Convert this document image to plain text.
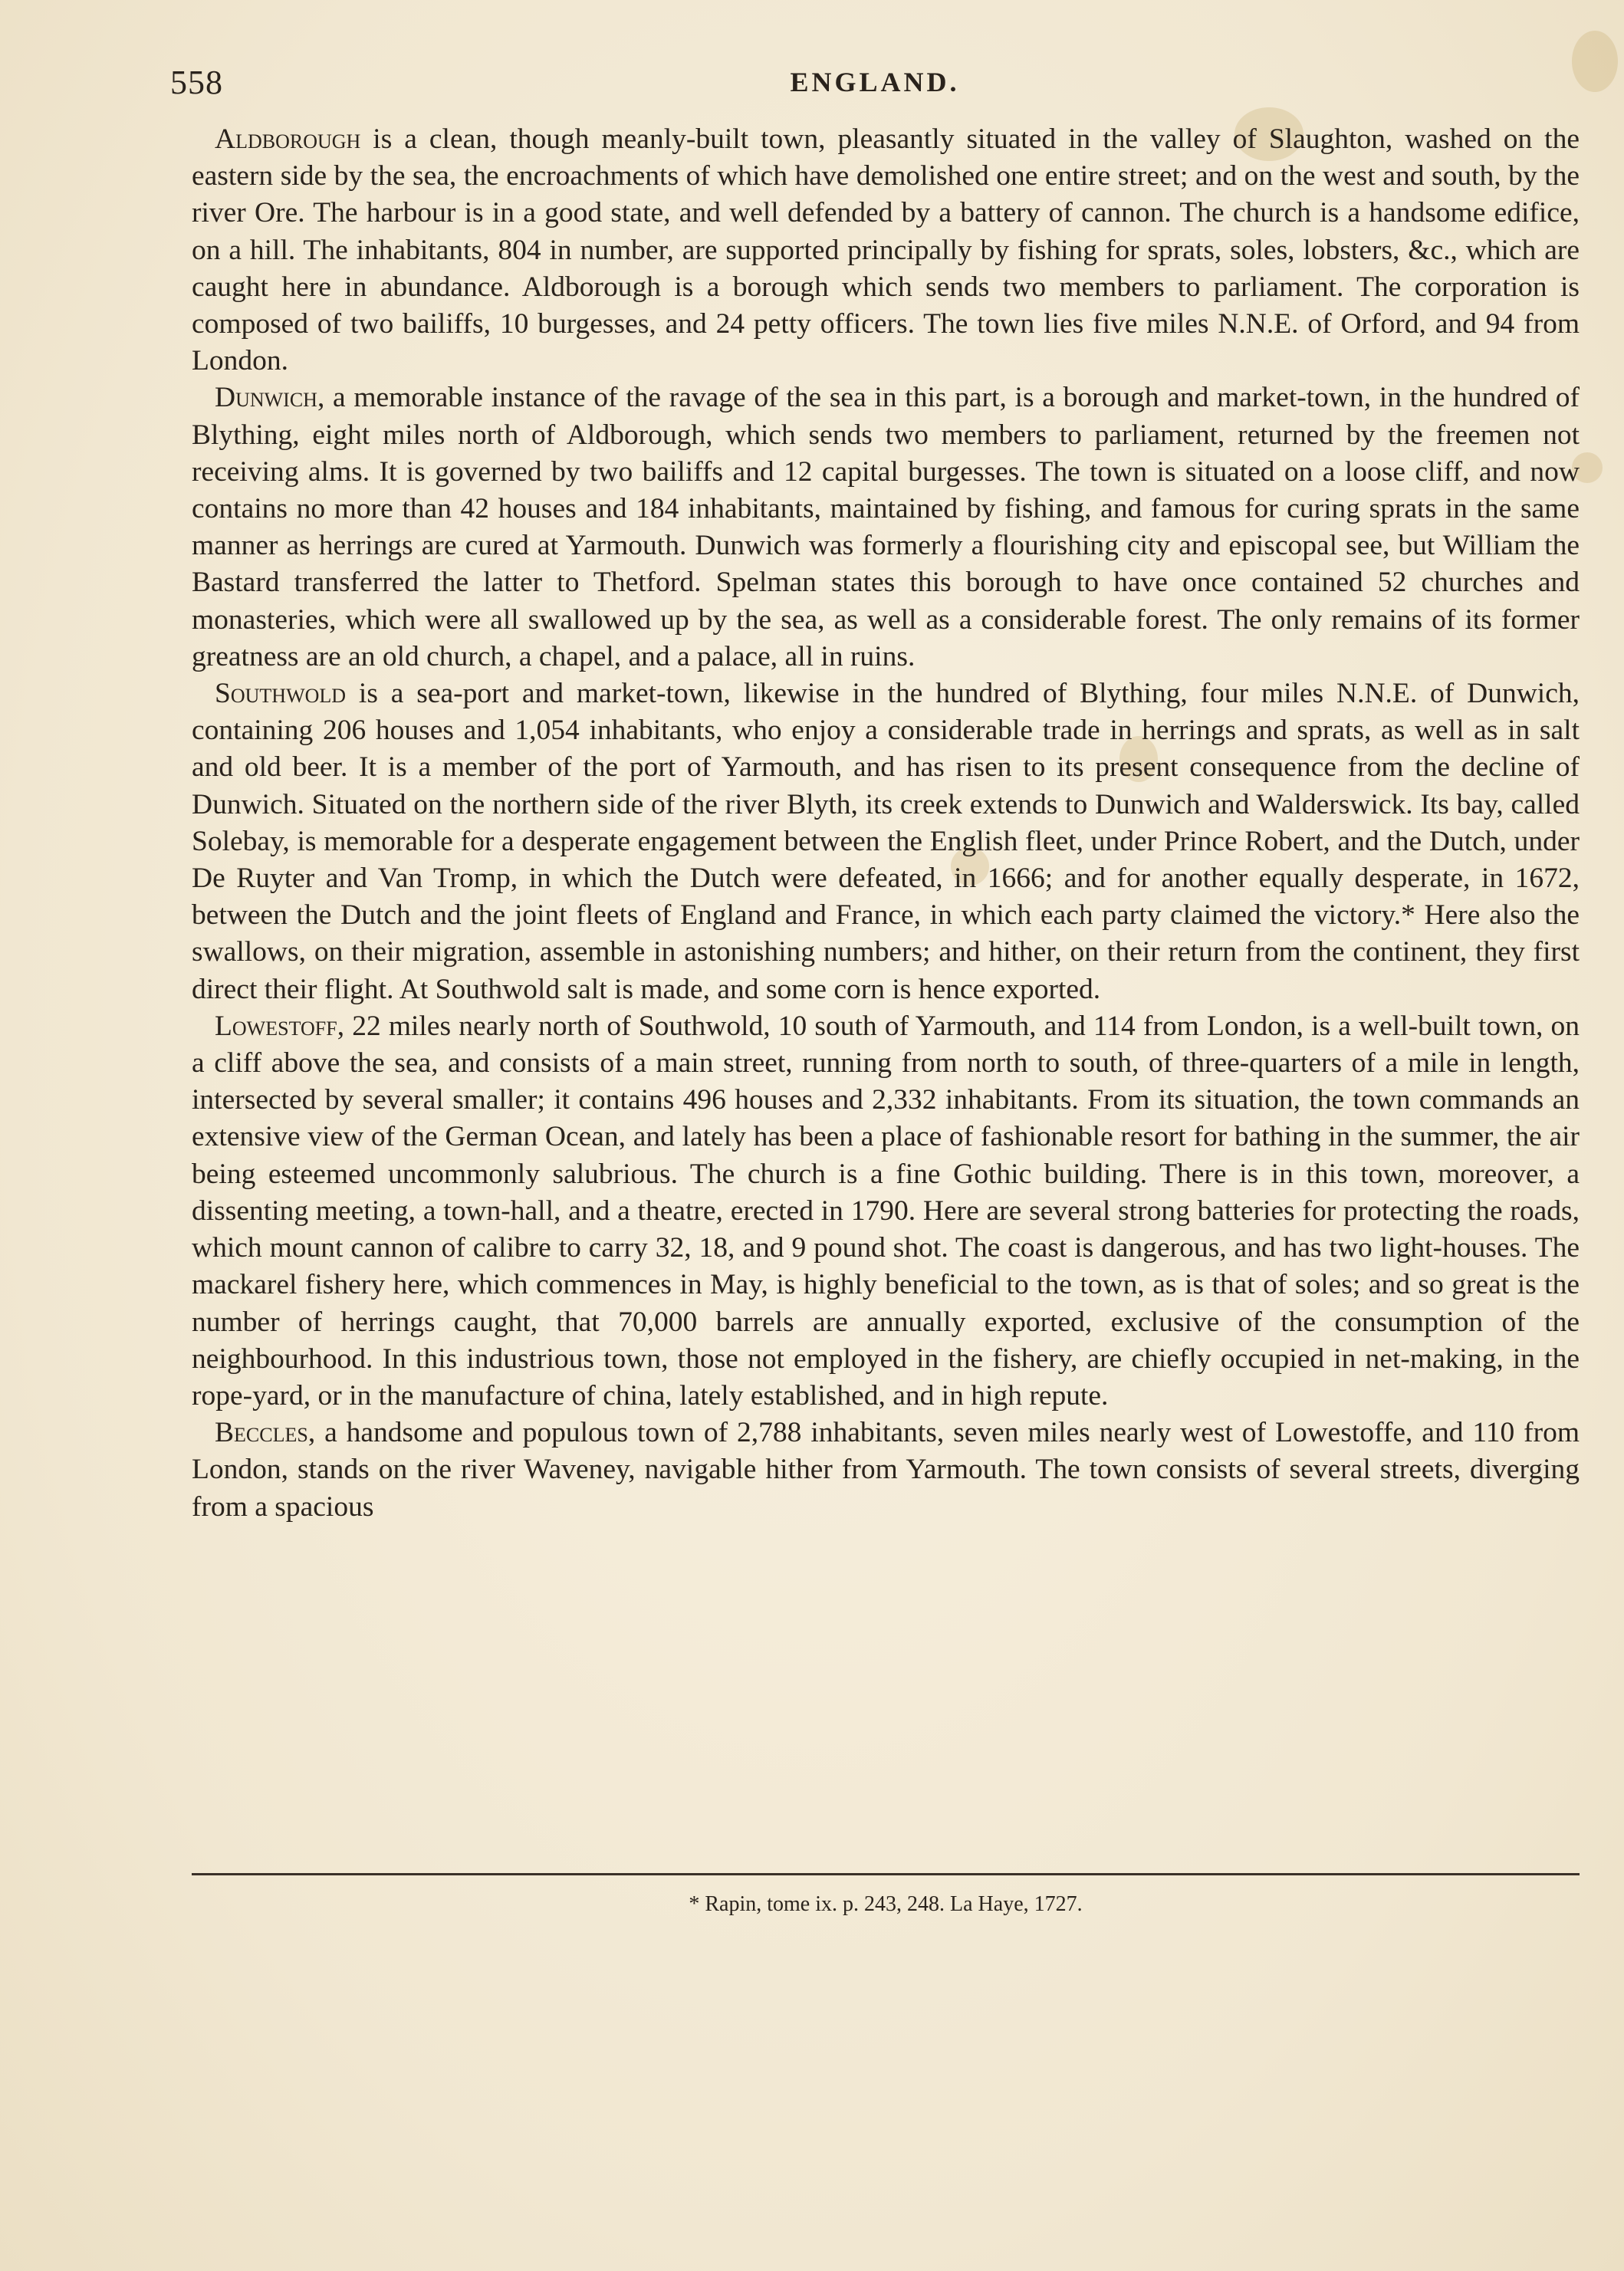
558	ENGLAND.

Aldborough is a clean, though meanly-built town, pleasantly situated in the valley of Slaughton, washed on the eastern side by the sea, the encroachments of which have demolished one entire street; and on the west and south, by the river Ore. The harbour is in a good state, and well defended by a battery of cannon. The church is a handsome edifice, on a hill. The inhabitants, 804 in number, are supported principally by fishing for sprats, soles, lobsters, &c., which are caught here in abundance. Aldborough is a borough which sends two members to parliament. The corporation is composed of two bailiffs, 10 burgesses, and 24 petty officers. The town lies five miles N.N.E. of Orford, and 94 from London.

Dunwich, a memorable instance of the ravage of the sea in this part, is a borough and market-town, in the hundred of Blything, eight miles north of Aldborough, which sends two members to parliament, returned by the freemen not receiving alms. It is governed by two bailiffs and 12 capital burgesses. The town is situated on a loose cliff, and now contains no more than 42 houses and 184 inhabitants, maintained by fishing, and famous for curing sprats in the same manner as herrings are cured at Yarmouth. Dunwich was formerly a flourishing city and episcopal see, but William the Bastard transferred the latter to Thetford. Spelman states this borough to have once contained 52 churches and monasteries, which were all swallowed up by the sea, as well as a considerable forest. The only remains of its former greatness are an old church, a chapel, and a palace, all in ruins.

Southwold is a sea-port and market-town, likewise in the hundred of Blything, four miles N.N.E. of Dunwich, containing 206 houses and 1,054 inhabitants, who enjoy a considerable trade in herrings and sprats, as well as in salt and old beer. It is a member of the port of Yarmouth, and has risen to its present consequence from the decline of Dunwich. Situated on the northern side of the river Blyth, its creek extends to Dunwich and Walderswick. Its bay, called Solebay, is memorable for a desperate engagement between the English fleet, under Prince Robert, and the Dutch, under De Ruyter and Van Tromp, in which the Dutch were defeated, in 1666; and for another equally desperate, in 1672, between the Dutch and the joint fleets of England and France, in which each party claimed the victory.* Here also the swallows, on their migration, assemble in astonishing numbers; and hither, on their return from the continent, they first direct their flight. At Southwold salt is made, and some corn is hence exported.

Lowestoff, 22 miles nearly north of Southwold, 10 south of Yarmouth, and 114 from London, is a well-built town, on a cliff above the sea, and consists of a main street, running from north to south, of three-quarters of a mile in length, intersected by several smaller; it contains 496 houses and 2,332 inhabitants. From its situation, the town commands an extensive view of the German Ocean, and lately has been a place of fashionable resort for bathing in the summer, the air being esteemed uncommonly salubrious. The church is a fine Gothic building. There is in this town, moreover, a dissenting meeting, a town-hall, and a theatre, erected in 1790. Here are several strong batteries for protecting the roads, which mount cannon of calibre to carry 32, 18, and 9 pound shot. The coast is dangerous, and has two light-houses. The mackarel fishery here, which commences in May, is highly beneficial to the town, as is that of soles; and so great is the number of herrings caught, that 70,000 barrels are annually exported, exclusive of the consumption of the neighbourhood. In this industrious town, those not employed in the fishery, are chiefly occupied in net-making, in the rope-yard, or in the manufacture of china, lately established, and in high repute.

Beccles, a handsome and populous town of 2,788 inhabitants, seven miles nearly west of Lowestoffe, and 110 from London, stands on the river Waveney, navigable hither from Yarmouth. The town consists of several streets, diverging from a spacious

* Rapin, tome ix. p. 243, 248. La Haye, 1727.
